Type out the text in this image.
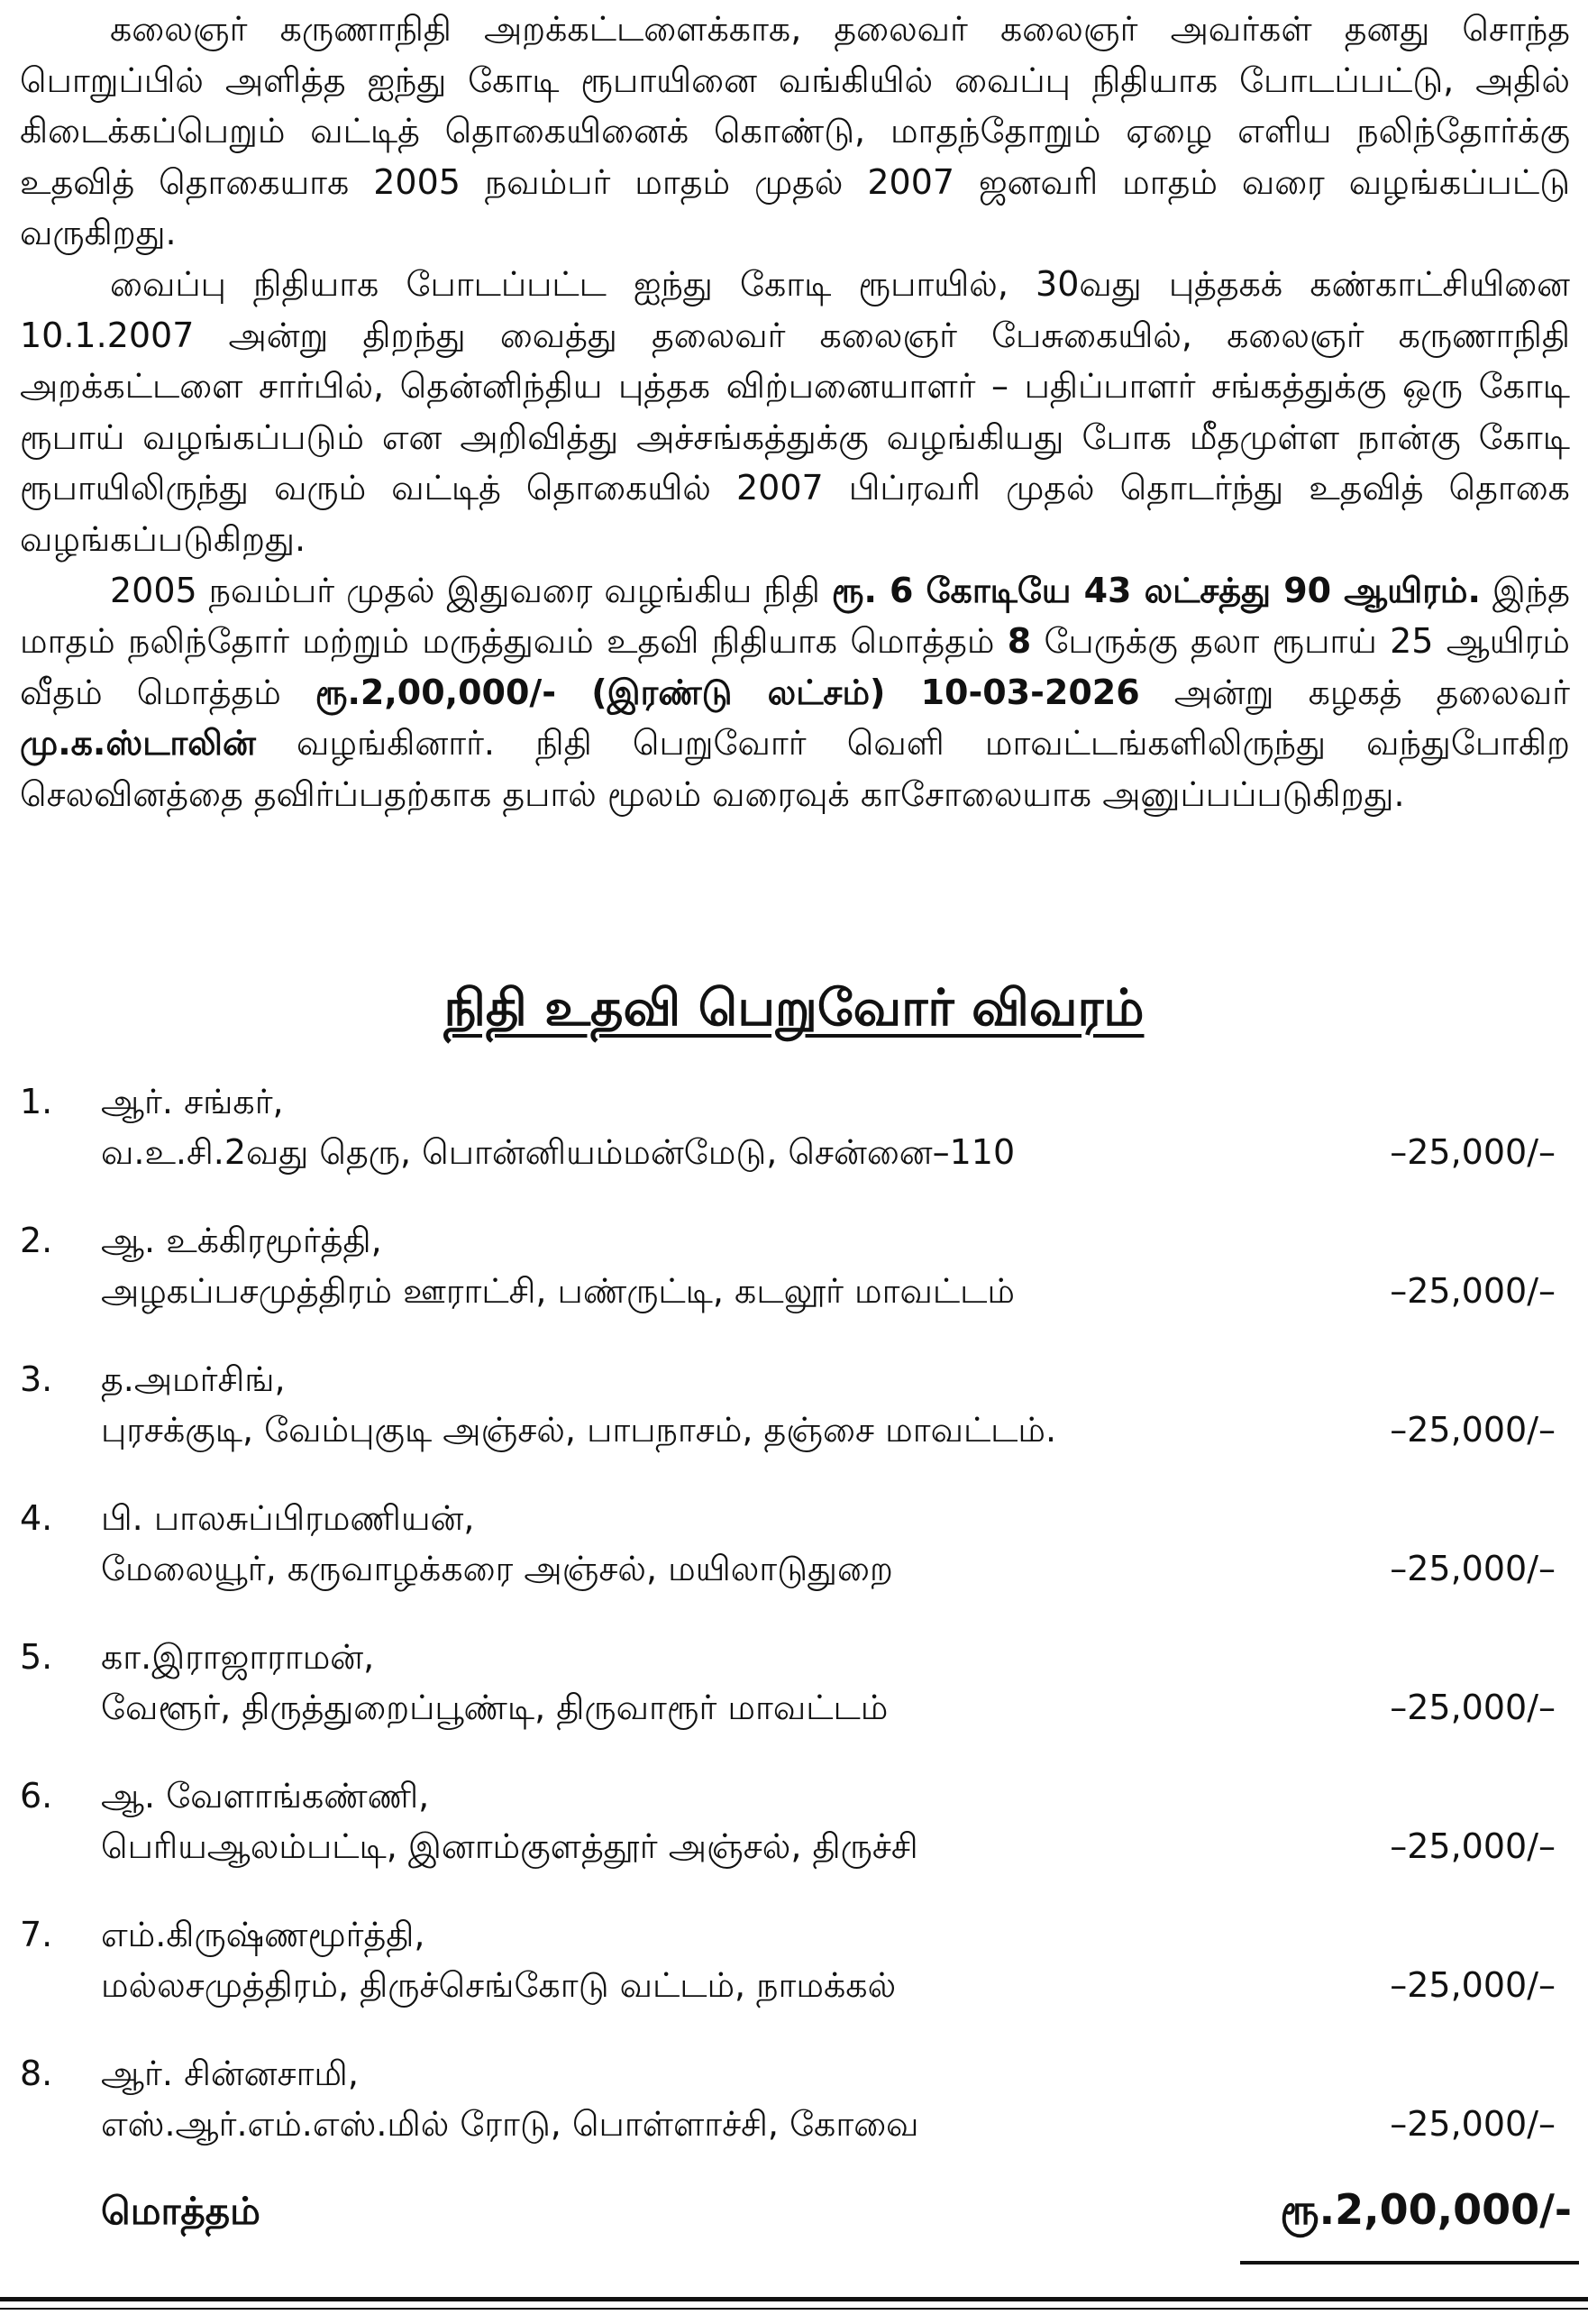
கலைஞர் கருணாநிதி அறக்கட்டளைக்காக, தலைவர் கலைஞர் அவர்கள் தனது சொந்த பொறுப்பில் அளித்த ஐந்து கோடி ரூபாயினை வங்கியில் வைப்பு நிதியாக போடப்பட்டு, அதில் கிடைக்கப்பெறும் வட்டித் தொகையினைக் கொண்டு, மாதந்தோறும் ஏழை எளிய நலிந்தோர்க்கு உதவித் தொகையாக 2005 நவம்பர் மாதம் முதல் 2007 ஜனவரி மாதம் வரை வழங்கப்பட்டு வருகிறது.

வைப்பு நிதியாக போடப்பட்ட ஐந்து கோடி ரூபாயில், 30வது புத்தகக் கண்காட்சியினை 10.1.2007 அன்று திறந்து வைத்து தலைவர் கலைஞர் பேசுகையில், கலைஞர் கருணாநிதி அறக்கட்டளை சார்பில், தென்னிந்திய புத்தக விற்பனையாளர் – பதிப்பாளர் சங்கத்துக்கு ஒரு கோடி ரூபாய் வழங்கப்படும் என அறிவித்து அச்சங்கத்துக்கு வழங்கியது போக மீதமுள்ள நான்கு கோடி ரூபாயிலிருந்து வரும் வட்டித் தொகையில் 2007 பிப்ரவரி முதல் தொடர்ந்து உதவித் தொகை வழங்கப்படுகிறது.

2005 நவம்பர் முதல் இதுவரை வழங்கிய நிதி ரூ. 6 கோடியே 43 லட்சத்து 90 ஆயிரம். இந்த மாதம் நலிந்தோர் மற்றும் மருத்துவம் உதவி நிதியாக மொத்தம் 8 பேருக்கு தலா ரூபாய் 25 ஆயிரம் வீதம் மொத்தம் ரூ.2,00,000/- (இரண்டு லட்சம்) 10-03-2026 அன்று கழகத் தலைவர் மு.க.ஸ்டாலின் வழங்கினார். நிதி பெறுவோர் வெளி மாவட்டங்களிலிருந்து வந்துபோகிற செலவினத்தை தவிர்ப்பதற்காக தபால் மூலம் வரைவுக் காசோலையாக அனுப்பப்படுகிறது.

நிதி உதவி பெறுவோர் விவரம்
1. ஆர். சங்கர்,
வ.உ.சி.2வது தெரு, பொன்னியம்மன்மேடு, சென்னை–110	–25,000/–
2. ஆ. உக்கிரமூர்த்தி,
அழகப்பசமுத்திரம் ஊராட்சி, பண்ருட்டி, கடலூர் மாவட்டம்	–25,000/–
3. த.அமர்சிங்,
புரசக்குடி, வேம்புகுடி அஞ்சல், பாபநாசம், தஞ்சை மாவட்டம்.	–25,000/–
4. பி. பாலசுப்பிரமணியன்,
மேலையூர், கருவாழக்கரை அஞ்சல், மயிலாடுதுறை	–25,000/–
5. கா.இராஜாராமன்,
வேளூர், திருத்துறைப்பூண்டி, திருவாரூர் மாவட்டம்	–25,000/–
6. ஆ. வேளாங்கண்ணி,
பெரியஆலம்பட்டி, இனாம்குளத்தூர் அஞ்சல், திருச்சி	–25,000/–
7. எம்.கிருஷ்ணமூர்த்தி,
மல்லசமுத்திரம், திருச்செங்கோடு வட்டம், நாமக்கல்	–25,000/–
8. ஆர். சின்னசாமி,
எஸ்.ஆர்.எம்.எஸ்.மில் ரோடு, பொள்ளாச்சி, கோவை	–25,000/–
மொத்தம்	ரூ.2,00,000/-
